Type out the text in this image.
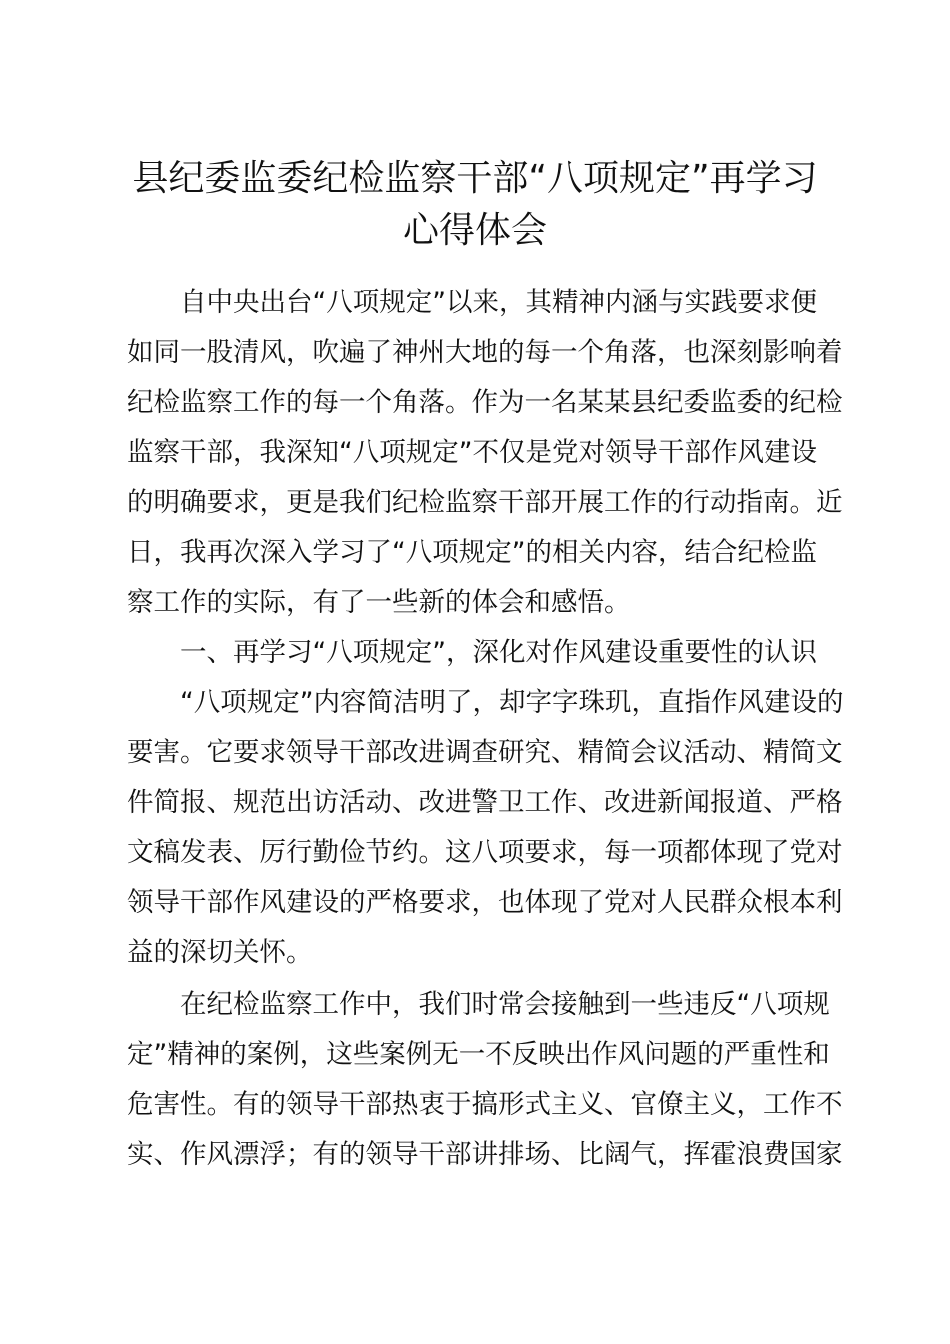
县纪委监委纪检监察干部“八项规定”再学习
心得体会

自中央出台“八项规定”以来，其精神内涵与实践要求便

如同一股清风，吹遍了神州大地的每一个角落，也深刻影响着

纪检监察工作的每一个角落。作为一名某某县纪委监委的纪检

监察干部，我深知“八项规定”不仅是党对领导干部作风建设

的明确要求，更是我们纪检监察干部开展工作的行动指南。近

日，我再次深入学习了“八项规定”的相关内容，结合纪检监

察工作的实际，有了一些新的体会和感悟。

一、再学习“八项规定”，深化对作风建设重要性的认识

“八项规定”内容简洁明了，却字字珠玑，直指作风建设的

要害。它要求领导干部改进调查研究、精简会议活动、精简文

件简报、规范出访活动、改进警卫工作、改进新闻报道、严格

文稿发表、厉行勤俭节约。这八项要求，每一项都体现了党对

领导干部作风建设的严格要求，也体现了党对人民群众根本利

益的深切关怀。

在纪检监察工作中，我们时常会接触到一些违反“八项规

定”精神的案例，这些案例无一不反映出作风问题的严重性和

危害性。有的领导干部热衷于搞形式主义、官僚主义，工作不

实、作风漂浮；有的领导干部讲排场、比阔气，挥霍浪费国家
